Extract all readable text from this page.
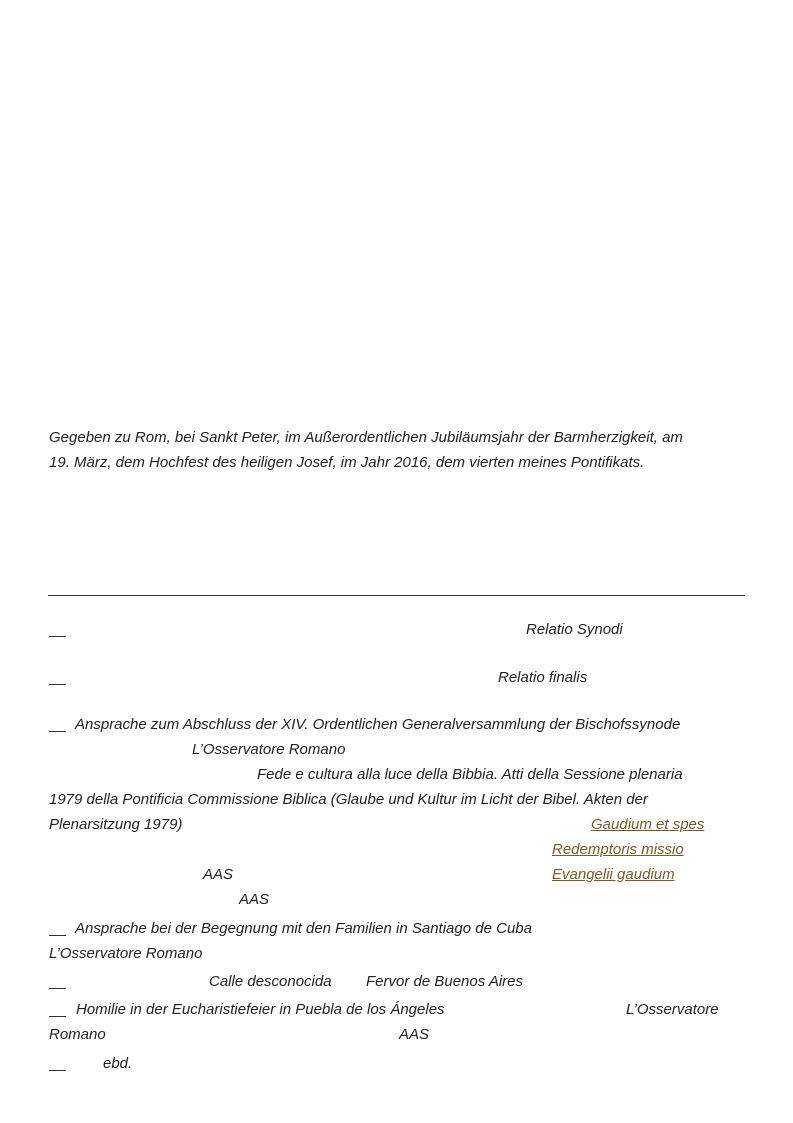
Gegeben zu Rom, bei Sankt Peter, im Außerordentlichen Jubiläumsjahr der Barmherzigkeit, am
19. März, dem Hochfest des heiligen Josef, im Jahr 2016, dem vierten meines Pontifikats.
Relatio Synodi
Relatio finalis
Ansprache zum Abschluss der XIV. Ordentlichen Generalversammlung der Bischofssynode
L’Osservatore Romano
Fede e cultura alla luce della Bibbia. Atti della Sessione plenaria
1979 della Pontificia Commissione Biblica (Glaube und Kultur im Licht der Bibel. Akten der
Plenarsitzung 1979)	Gaudium et spes
Redemptoris missio
AAS	Evangelii gaudium
AAS
Ansprache bei der Begegnung mit den Familien in Santiago de Cuba
L’Osservatore Romano
Calle desconocida Fervor de Buenos Aires
Homilie in der Eucharistiefeier in Puebla de los Ángeles	L’Osservatore
Romano	AAS
ebd.
